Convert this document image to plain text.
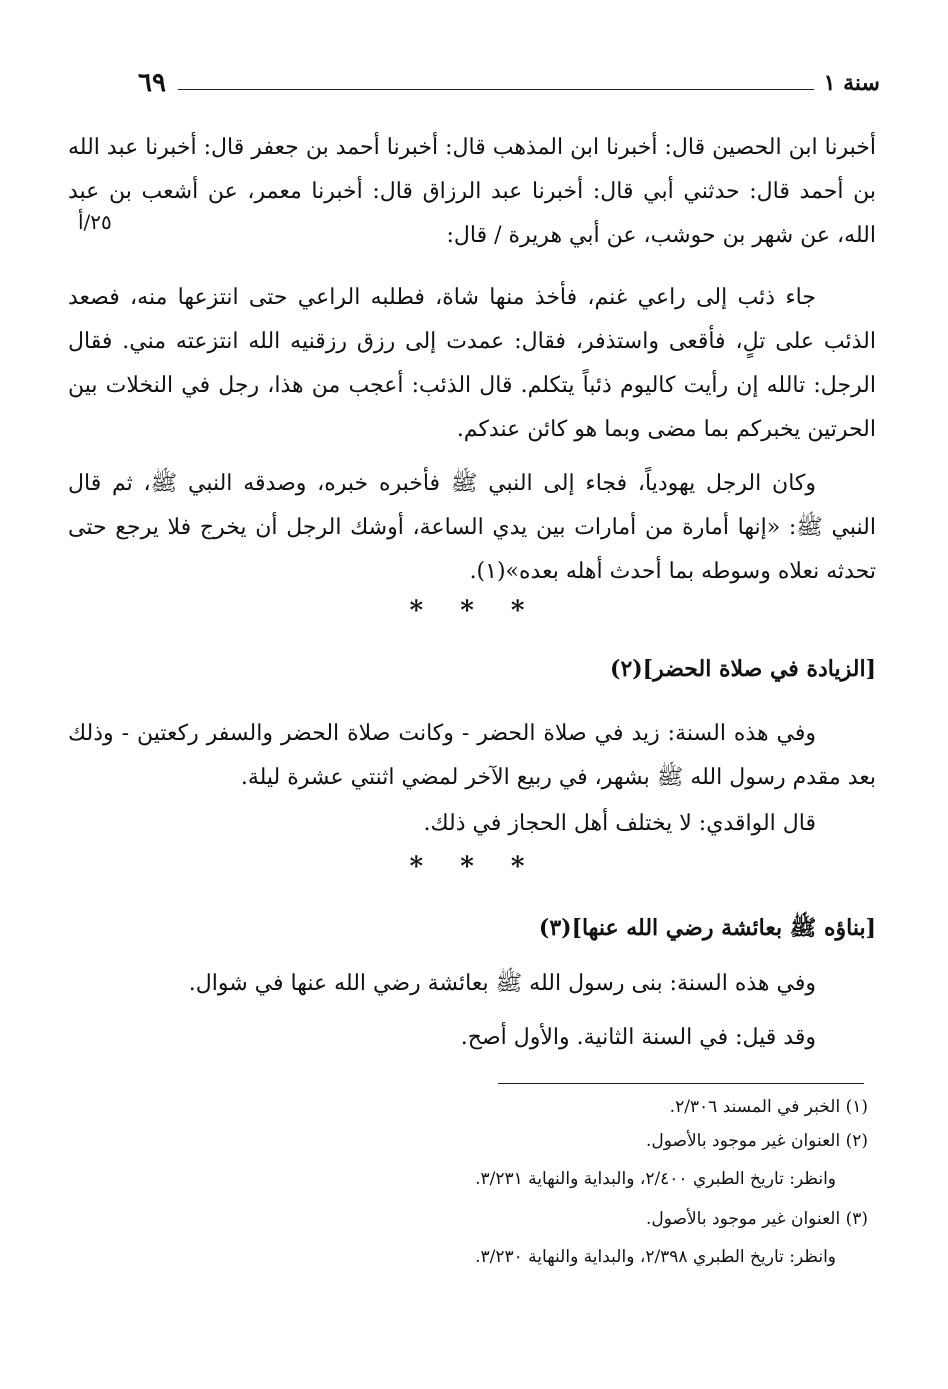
٦٩	سنة ١
٢٥/أ
أخبرنا ابن الحصين قال: أخبرنا ابن المذهب قال: أخبرنا أحمد بن جعفر قال: أخبرنا عبد الله بن أحمد قال: حدثني أبي قال: أخبرنا عبد الرزاق قال: أخبرنا معمر، عن أشعب بن عبد الله، عن شهر بن حوشب، عن أبي هريرة / قال:
جاء ذئب إلى راعي غنم، فأخذ منها شاة، فطلبه الراعي حتى انتزعها منه، فصعد الذئب على تلٍ، فأقعى واستذفر، فقال: عمدت إلى رزق رزقنيه الله انتزعته مني. فقال الرجل: تالله إن رأيت كاليوم ذئباً يتكلم. قال الذئب: أعجب من هذا، رجل في النخلات بين الحرتين يخبركم بما مضى وبما هو كائن عندكم.
وكان الرجل يهودياً، فجاء إلى النبي ﷺ فأخبره خبره، وصدقه النبي ﷺ، ثم قال النبي ﷺ: «إنها أمارة من أمارات بين يدي الساعة، أوشك الرجل أن يخرج فلا يرجع حتى تحدثه نعلاه وسوطه بما أحدث أهله بعده»(١).
* * *
[الزيادة في صلاة الحضر](٢)
وفي هذه السنة: زيد في صلاة الحضر - وكانت صلاة الحضر والسفر ركعتين - وذلك بعد مقدم رسول الله ﷺ بشهر، في ربيع الآخر لمضي اثنتي عشرة ليلة.
قال الواقدي: لا يختلف أهل الحجاز في ذلك.
* * *
[بناؤه ﷺ بعائشة رضي الله عنها](٣)
وفي هذه السنة: بنى رسول الله ﷺ بعائشة رضي الله عنها في شوال.
وقد قيل: في السنة الثانية. والأول أصح.
(١) الخبر في المسند ٢/٣٠٦.
(٢) العنوان غير موجود بالأصول.
وانظر: تاريخ الطبري ٢/٤٠٠، والبداية والنهاية ٣/٢٣١.
(٣) العنوان غير موجود بالأصول.
وانظر: تاريخ الطبري ٢/٣٩٨، والبداية والنهاية ٣/٢٣٠.
